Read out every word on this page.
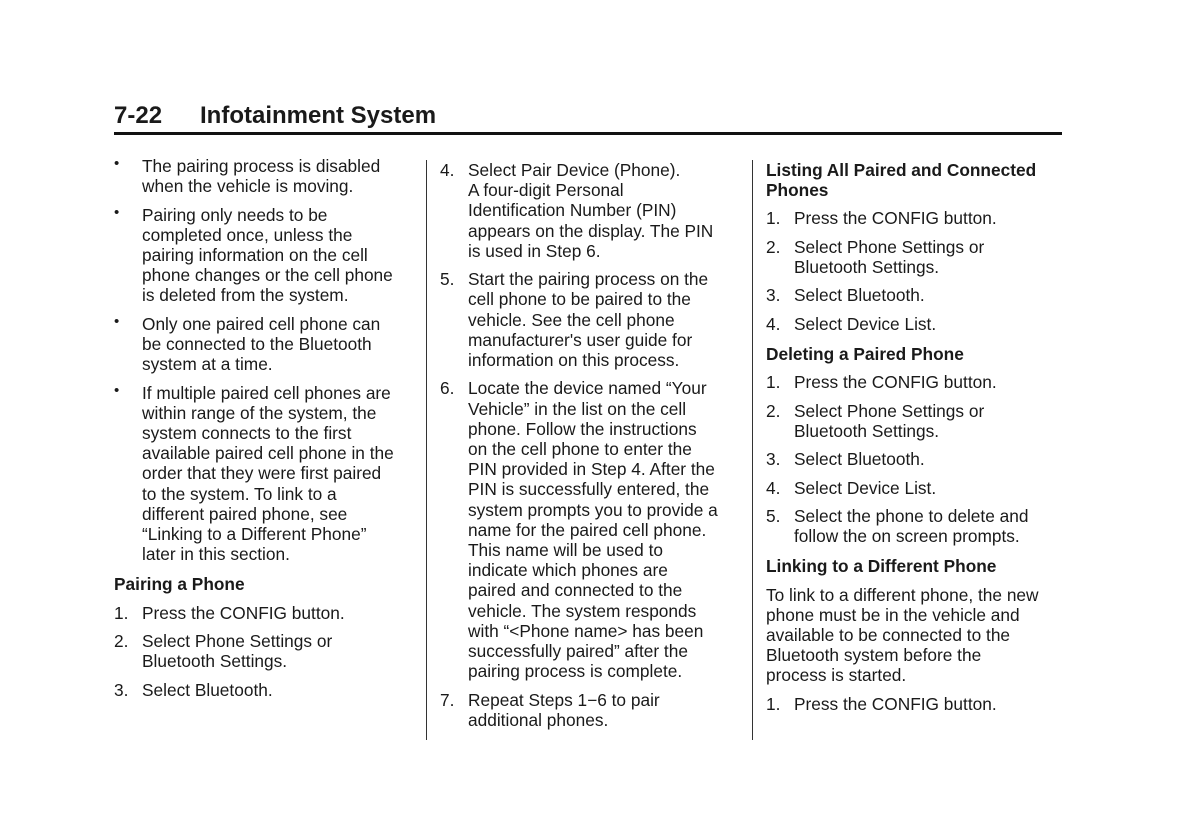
7-22 Infotainment System
• The pairing process is disabled
when the vehicle is moving.
• Pairing only needs to be
completed once, unless the
pairing information on the cell
phone changes or the cell phone
is deleted from the system.
• Only one paired cell phone can
be connected to the Bluetooth
system at a time.
• If multiple paired cell phones are
within range of the system, the
system connects to the first
available paired cell phone in the
order that they were first paired
to the system. To link to a
different paired phone, see
“Linking to a Different Phone”
later in this section.
Pairing a Phone
1. Press the CONFIG button.
2. Select Phone Settings or
Bluetooth Settings.
3. Select Bluetooth.
4. Select Pair Device (Phone).
A four-digit Personal
Identification Number (PIN)
appears on the display. The PIN
is used in Step 6.
5. Start the pairing process on the
cell phone to be paired to the
vehicle. See the cell phone
manufacturer's user guide for
information on this process.
6. Locate the device named “Your
Vehicle” in the list on the cell
phone. Follow the instructions
on the cell phone to enter the
PIN provided in Step 4. After the
PIN is successfully entered, the
system prompts you to provide a
name for the paired cell phone.
This name will be used to
indicate which phones are
paired and connected to the
vehicle. The system responds
with “<Phone name> has been
successfully paired” after the
pairing process is complete.
7. Repeat Steps 1−6 to pair
additional phones.
Listing All Paired and Connected
Phones
1. Press the CONFIG button.
2. Select Phone Settings or
Bluetooth Settings.
3. Select Bluetooth.
4. Select Device List.
Deleting a Paired Phone
1. Press the CONFIG button.
2. Select Phone Settings or
Bluetooth Settings.
3. Select Bluetooth.
4. Select Device List.
5. Select the phone to delete and
follow the on screen prompts.
Linking to a Different Phone
To link to a different phone, the new
phone must be in the vehicle and
available to be connected to the
Bluetooth system before the
process is started.
1. Press the CONFIG button.
